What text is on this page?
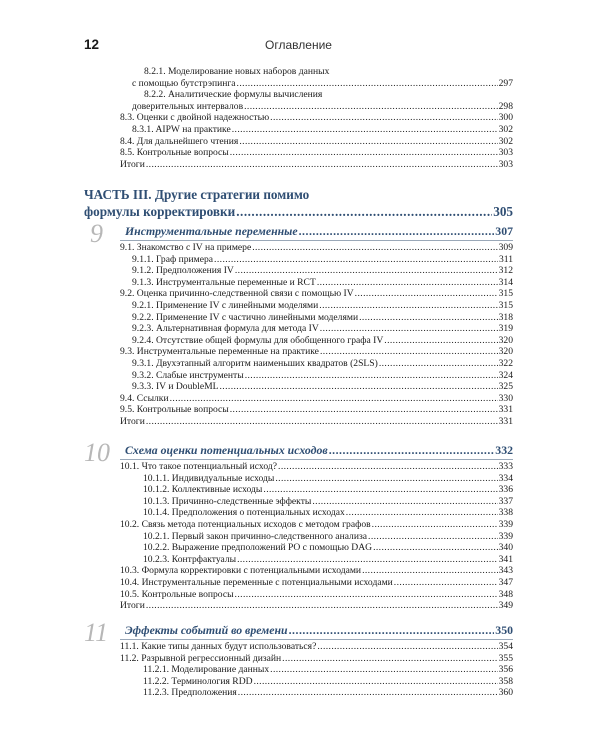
12	Оглавление
8.2.1. Моделирование новых наборов данных
с помощью бутстрэпинга .....	297
8.2.2. Аналитические формулы вычисления
доверительных интервалов .....	298
8.3. Оценки с двойной надежностью .....	300
8.3.1. AIPW на практике .....	302
8.4. Для дальнейшего чтения .....	302
8.5. Контрольные вопросы .....	303
Итоги .....	303
ЧАСТЬ III. Другие стратегии помимо
формулы корректировки .....	305
9 Инструментальные переменные .....	307
9.1. Знакомство с IV на примере .....	309
9.1.1. Граф примера .....	311
9.1.2. Предположения IV .....	312
9.1.3. Инструментальные переменные и RCT .....	314
9.2. Оценка причинно-следственной связи с помощью IV .....	315
9.2.1. Применение IV с линейными моделями .....	315
9.2.2. Применение IV с частично линейными моделями .....	318
9.2.3. Альтернативная формула для метода IV .....	319
9.2.4. Отсутствие общей формулы для обобщенного графа IV .....	320
9.3. Инструментальные переменные на практике .....	320
9.3.1. Двухэтапный алгоритм наименьших квадратов (2SLS) .....	322
9.3.2. Слабые инструменты .....	324
9.3.3. IV и DoubleML .....	325
9.4. Ссылки .....	330
9.5. Контрольные вопросы .....	331
Итоги .....	331
10 Схема оценки потенциальных исходов .....	332
10.1. Что такое потенциальный исход? .....	333
10.1.1. Индивидуальные исходы .....	334
10.1.2. Коллективные исходы .....	336
10.1.3. Причинно-следственные эффекты .....	337
10.1.4. Предположения о потенциальных исходах .....	338
10.2. Связь метода потенциальных исходов с методом графов .....	339
10.2.1. Первый закон причинно-следственного анализа .....	339
10.2.2. Выражение предположений PO с помощью DAG .....	340
10.2.3. Контрфактуалы .....	341
10.3. Формула корректировки с потенциальными исходами .....	343
10.4. Инструментальные переменные с потенциальными исходами .....	347
10.5. Контрольные вопросы .....	348
Итоги .....	349
11 Эффекты событий во времени .....	350
11.1. Какие типы данных будут использоваться? .....	354
11.2. Разрывной регрессионный дизайн .....	355
11.2.1. Моделирование данных .....	356
11.2.2. Терминология RDD .....	358
11.2.3. Предположения .....	360
